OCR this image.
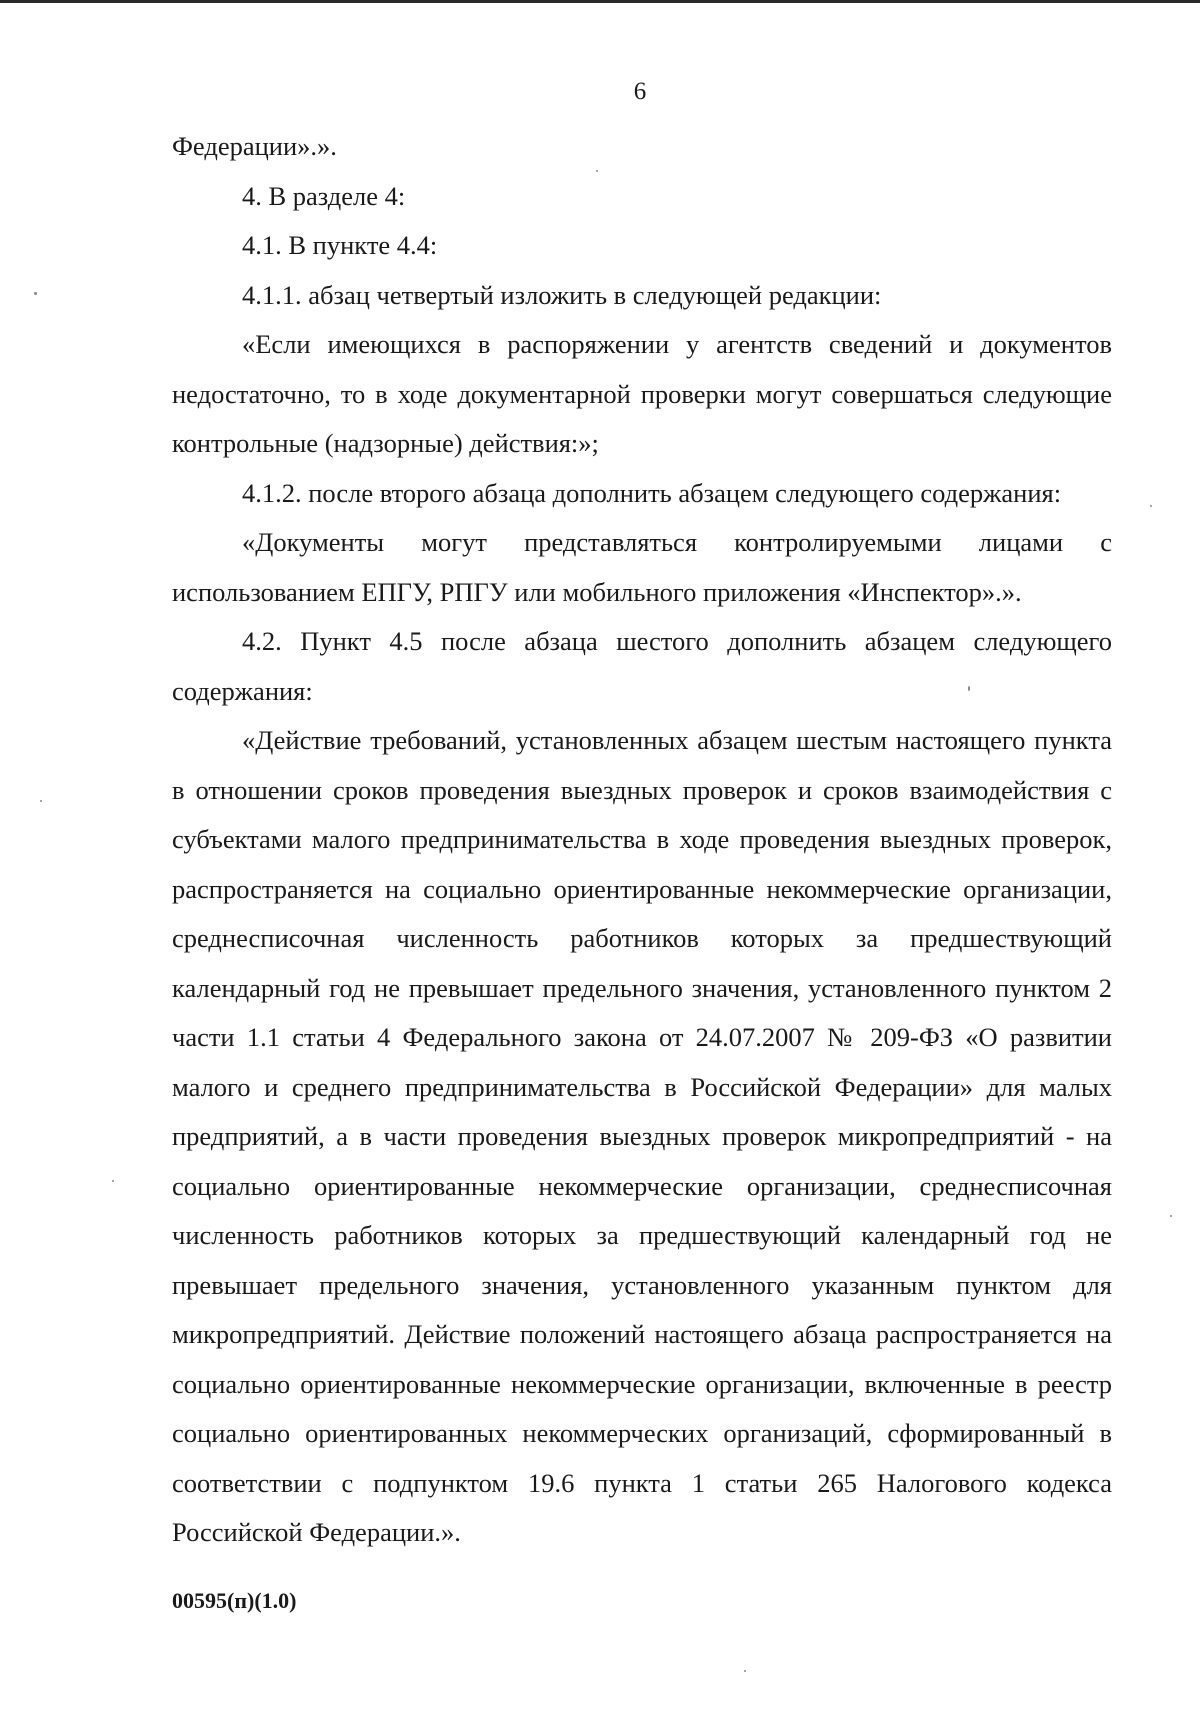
6

Федерации».».

4. В разделе 4:

4.1. В пункте 4.4:

4.1.1. абзац четвертый изложить в следующей редакции:

«Если имеющихся в распоряжении у агентств сведений и документов недостаточно, то в ходе документарной проверки могут совершаться следующие контрольные (надзорные) действия:»;

4.1.2. после второго абзаца дополнить абзацем следующего содержания:

«Документы могут представляться контролируемыми лицами с использованием ЕПГУ, РПГУ или мобильного приложения «Инспектор».».

4.2. Пункт 4.5 после абзаца шестого дополнить абзацем следующего содержания:

«Действие требований, установленных абзацем шестым настоящего пункта в отношении сроков проведения выездных проверок и сроков взаимодействия с субъектами малого предпринимательства в ходе проведения выездных проверок, распространяется на социально ориентированные некоммерческие организации, среднесписочная численность работников которых за предшествующий календарный год не превышает предельного значения, установленного пунктом 2 части 1.1 статьи 4 Федерального закона от 24.07.2007 № 209-ФЗ «О развитии малого и среднего предпринимательства в Российской Федерации» для малых предприятий, а в части проведения выездных проверок микропредприятий - на социально ориентированные некоммерческие организации, среднесписочная численность работников которых за предшествующий календарный год не превышает предельного значения, установленного указанным пунктом для микропредприятий. Действие положений настоящего абзаца распространяется на социально ориентированные некоммерческие организации, включенные в реестр социально ориентированных некоммерческих организаций, сформированный в соответствии с подпунктом 19.6 пункта 1 статьи 265 Налогового кодекса Российской Федерации.».

00595(п)(1.0)
